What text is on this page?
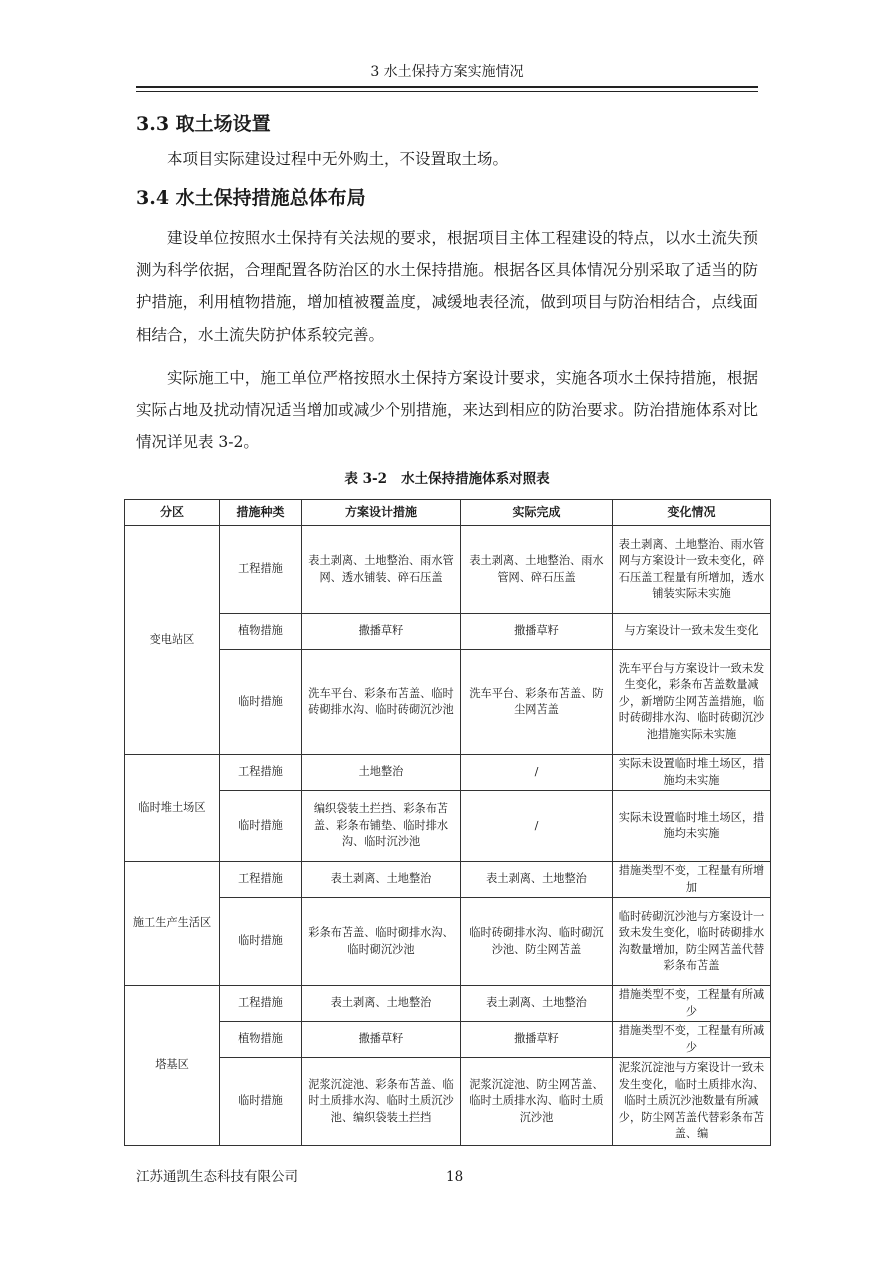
3 水土保持方案实施情况
3.3 取土场设置
本项目实际建设过程中无外购土，不设置取土场。
3.4 水土保持措施总体布局
建设单位按照水土保持有关法规的要求，根据项目主体工程建设的特点，以水土流失预测为科学依据，合理配置各防治区的水土保持措施。根据各区具体情况分别采取了适当的防护措施，利用植物措施，增加植被覆盖度，减缓地表径流，做到项目与防治相结合，点线面相结合，水土流失防护体系较完善。
实际施工中，施工单位严格按照水土保持方案设计要求，实施各项水土保持措施，根据实际占地及扰动情况适当增加或减少个别措施，来达到相应的防治要求。防治措施体系对比情况详见表 3-2。
表 3-2   水土保持措施体系对照表
分区	措施种类	方案设计措施	实际完成	变化情况
变电站区	工程措施	表土剥离、土地整治、雨水管网、透水铺装、碎石压盖	表土剥离、土地整治、雨水管网、碎石压盖	表土剥离、土地整治、雨水管网与方案设计一致未变化，碎石压盖工程量有所增加，透水铺装实际未实施
	植物措施	撒播草籽	撒播草籽	与方案设计一致未发生变化
	临时措施	洗车平台、彩条布苫盖、临时砖砌排水沟、临时砖砌沉沙池	洗车平台、彩条布苫盖、防尘网苫盖	洗车平台与方案设计一致未发生变化，彩条布苫盖数量减少，新增防尘网苫盖措施，临时砖砌排水沟、临时砖砌沉沙池措施实际未实施
临时堆土场区	工程措施	土地整治	/	实际未设置临时堆土场区，措施均未实施
	临时措施	编织袋装土拦挡、彩条布苫盖、彩条布铺垫、临时排水沟、临时沉沙池	/	实际未设置临时堆土场区，措施均未实施
施工生产生活区	工程措施	表土剥离、土地整治	表土剥离、土地整治	措施类型不变，工程量有所增加
	临时措施	彩条布苫盖、临时砌排水沟、临时砌沉沙池	临时砖砌排水沟、临时砌沉沙池、防尘网苫盖	临时砖砌沉沙池与方案设计一致未发生变化，临时砖砌排水沟数量增加，防尘网苫盖代替彩条布苫盖
塔基区	工程措施	表土剥离、土地整治	表土剥离、土地整治	措施类型不变，工程量有所减少
	植物措施	撒播草籽	撒播草籽	措施类型不变，工程量有所减少
	临时措施	泥浆沉淀池、彩条布苫盖、临时土质排水沟、临时土质沉沙池、编织袋装土拦挡	泥浆沉淀池、防尘网苫盖、临时土质排水沟、临时土质沉沙池	泥浆沉淀池与方案设计一致未发生变化，临时土质排水沟、临时土质沉沙池数量有所减少，防尘网苫盖代替彩条布苫盖、编
江苏通凯生态科技有限公司	18
